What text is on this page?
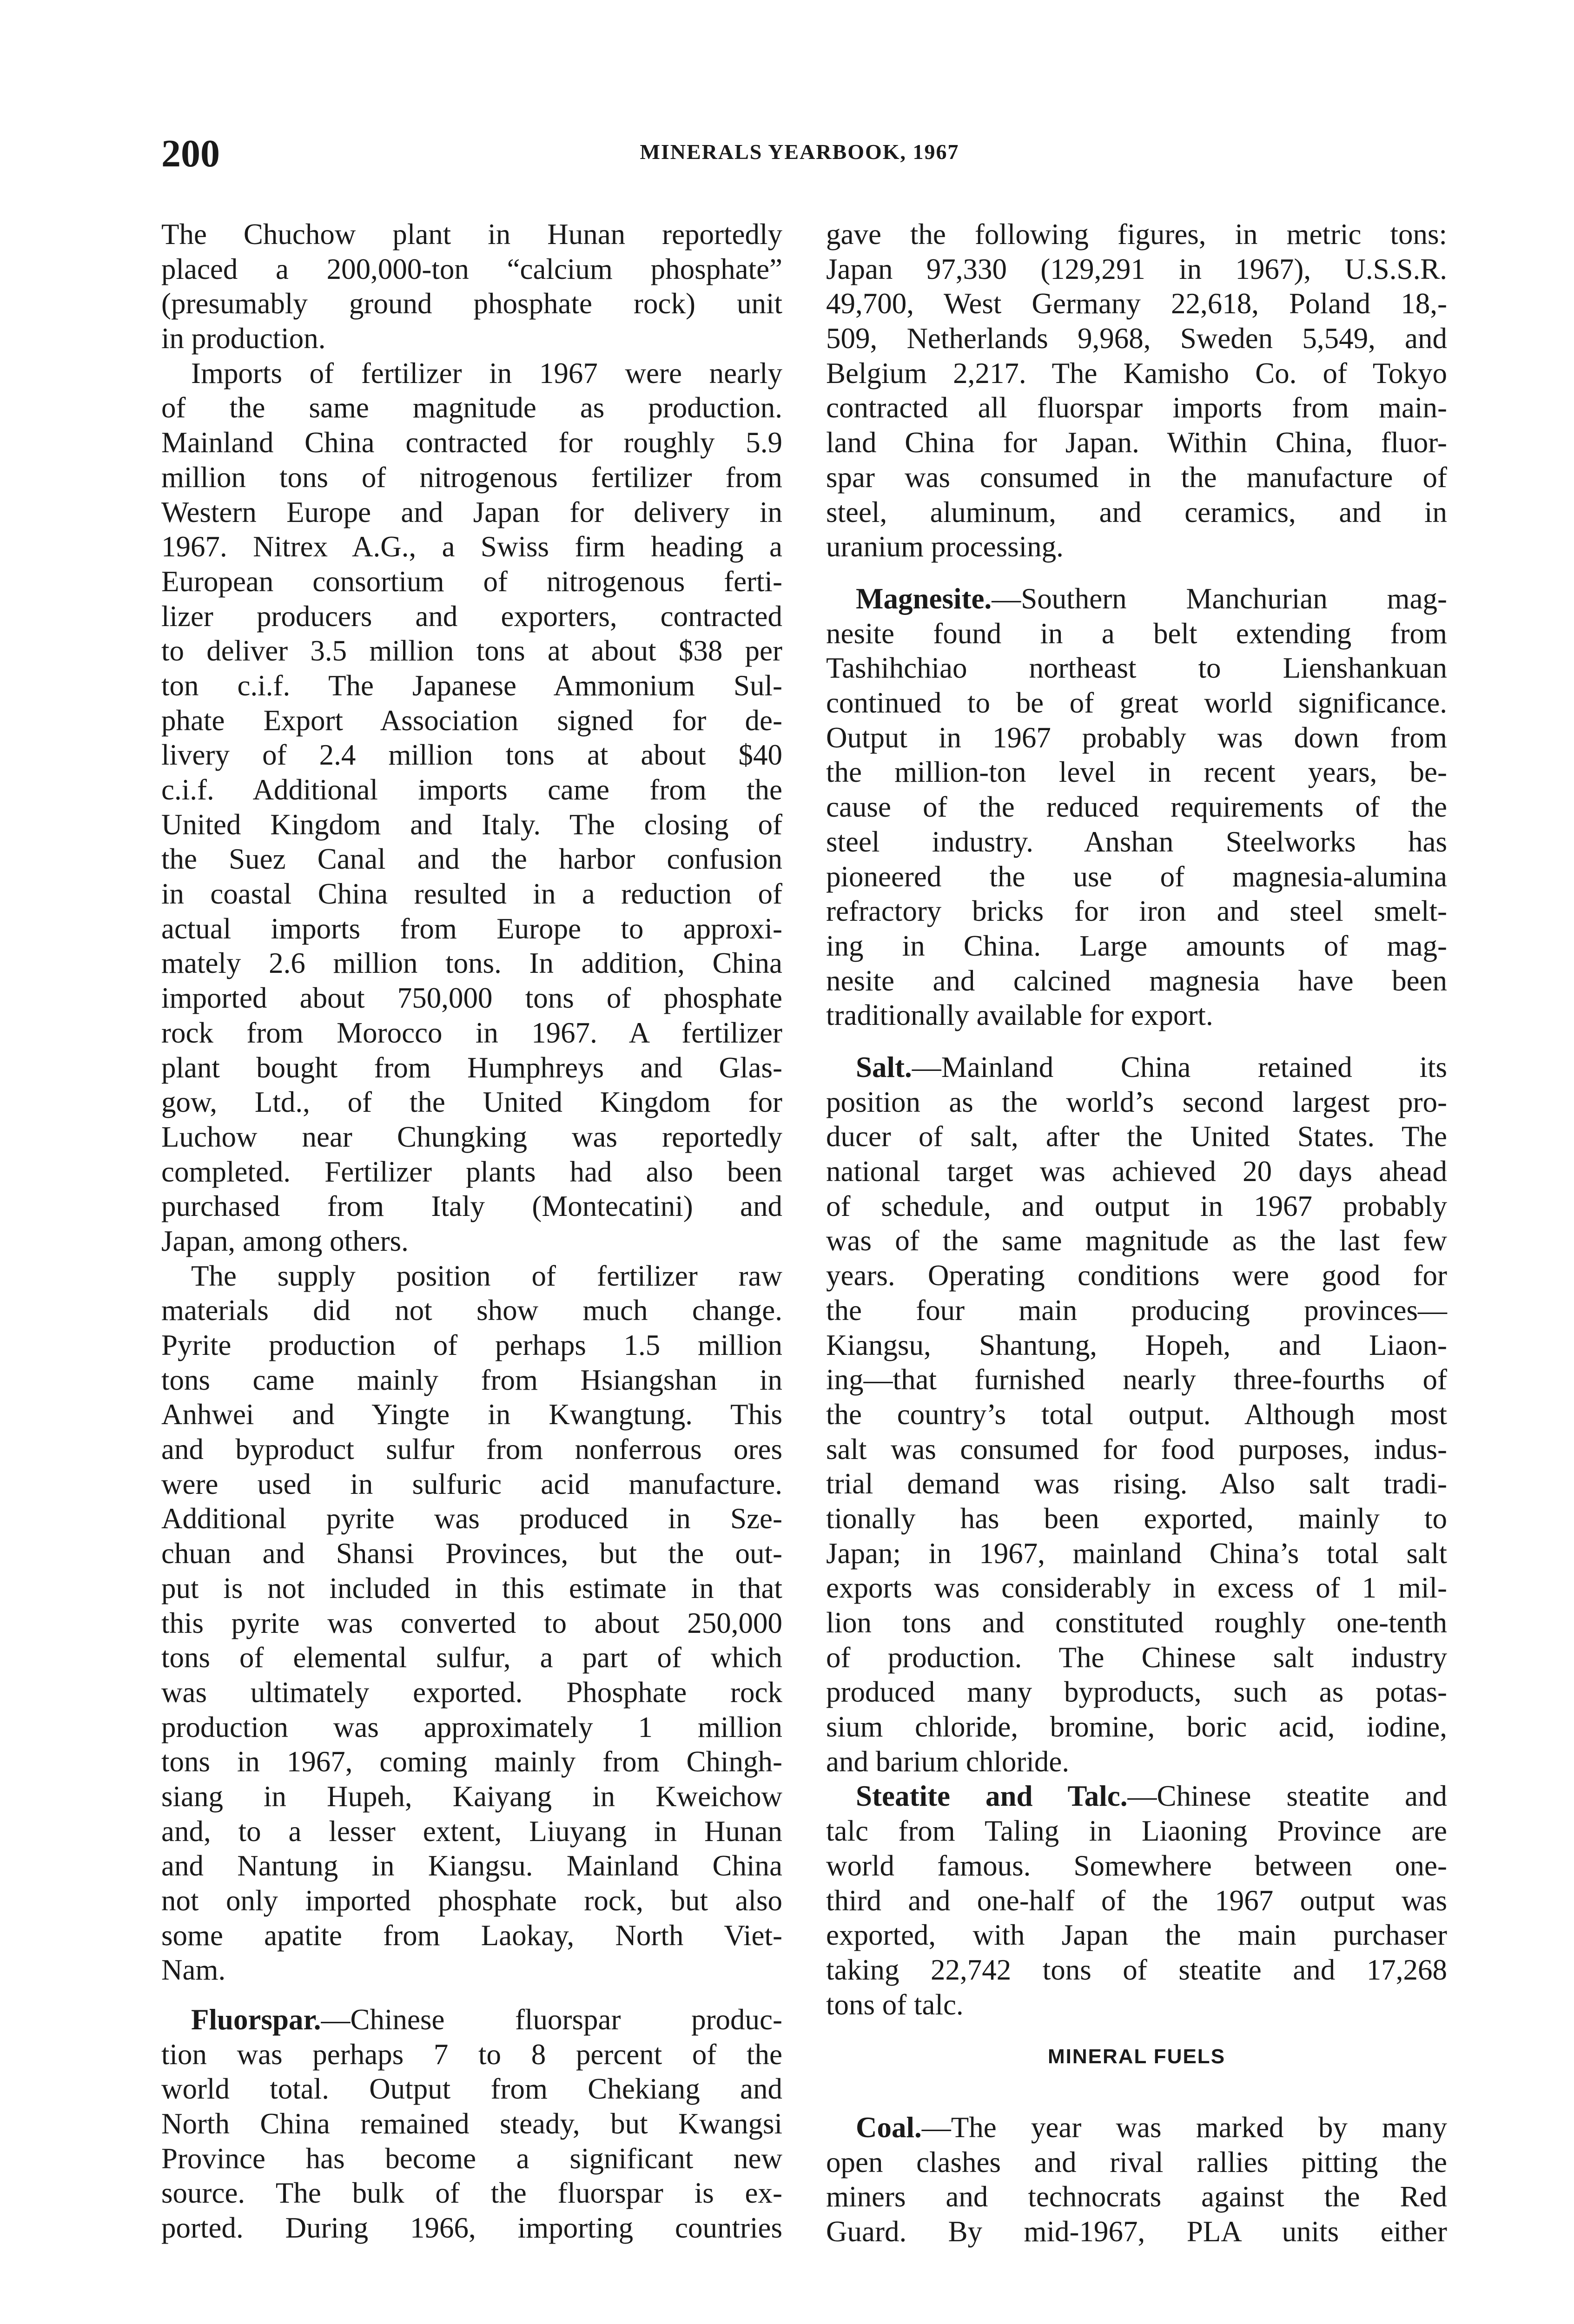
200	MINERALS YEARBOOK, 1967
The Chuchow plant in Hunan reportedly
placed a 200,000-ton “calcium phosphate”
(presumably ground phosphate rock) unit
in production.
Imports of fertilizer in 1967 were nearly
of the same magnitude as production.
Mainland China contracted for roughly 5.9
million tons of nitrogenous fertilizer from
Western Europe and Japan for delivery in
1967. Nitrex A.G., a Swiss firm heading a
European consortium of nitrogenous ferti-
lizer producers and exporters, contracted
to deliver 3.5 million tons at about $38 per
ton c.i.f. The Japanese Ammonium Sul-
phate Export Association signed for de-
livery of 2.4 million tons at about $40
c.i.f. Additional imports came from the
United Kingdom and Italy. The closing of
the Suez Canal and the harbor confusion
in coastal China resulted in a reduction of
actual imports from Europe to approxi-
mately 2.6 million tons. In addition, China
imported about 750,000 tons of phosphate
rock from Morocco in 1967. A fertilizer
plant bought from Humphreys and Glas-
gow, Ltd., of the United Kingdom for
Luchow near Chungking was reportedly
completed. Fertilizer plants had also been
purchased from Italy (Montecatini) and
Japan, among others.
The supply position of fertilizer raw
materials did not show much change.
Pyrite production of perhaps 1.5 million
tons came mainly from Hsiangshan in
Anhwei and Yingte in Kwangtung. This
and byproduct sulfur from nonferrous ores
were used in sulfuric acid manufacture.
Additional pyrite was produced in Sze-
chuan and Shansi Provinces, but the out-
put is not included in this estimate in that
this pyrite was converted to about 250,000
tons of elemental sulfur, a part of which
was ultimately exported. Phosphate rock
production was approximately 1 million
tons in 1967, coming mainly from Chingh-
siang in Hupeh, Kaiyang in Kweichow
and, to a lesser extent, Liuyang in Hunan
and Nantung in Kiangsu. Mainland China
not only imported phosphate rock, but also
some apatite from Laokay, North Viet-
Nam.
Fluorspar.—Chinese fluorspar produc-
tion was perhaps 7 to 8 percent of the
world total. Output from Chekiang and
North China remained steady, but Kwangsi
Province has become a significant new
source. The bulk of the fluorspar is ex-
ported. During 1966, importing countries
gave the following figures, in metric tons:
Japan 97,330 (129,291 in 1967), U.S.S.R.
49,700, West Germany 22,618, Poland 18,-
509, Netherlands 9,968, Sweden 5,549, and
Belgium 2,217. The Kamisho Co. of Tokyo
contracted all fluorspar imports from main-
land China for Japan. Within China, fluor-
spar was consumed in the manufacture of
steel, aluminum, and ceramics, and in
uranium processing.
Magnesite.—Southern Manchurian mag-
nesite found in a belt extending from
Tashihchiao northeast to Lienshankuan
continued to be of great world significance.
Output in 1967 probably was down from
the million-ton level in recent years, be-
cause of the reduced requirements of the
steel industry. Anshan Steelworks has
pioneered the use of magnesia-alumina
refractory bricks for iron and steel smelt-
ing in China. Large amounts of mag-
nesite and calcined magnesia have been
traditionally available for export.
Salt.—Mainland China retained its
position as the world’s second largest pro-
ducer of salt, after the United States. The
national target was achieved 20 days ahead
of schedule, and output in 1967 probably
was of the same magnitude as the last few
years. Operating conditions were good for
the four main producing provinces—
Kiangsu, Shantung, Hopeh, and Liaon-
ing—that furnished nearly three-fourths of
the country’s total output. Although most
salt was consumed for food purposes, indus-
trial demand was rising. Also salt tradi-
tionally has been exported, mainly to
Japan; in 1967, mainland China’s total salt
exports was considerably in excess of 1 mil-
lion tons and constituted roughly one-tenth
of production. The Chinese salt industry
produced many byproducts, such as potas-
sium chloride, bromine, boric acid, iodine,
and barium chloride.
Steatite and Talc.—Chinese steatite and
talc from Taling in Liaoning Province are
world famous. Somewhere between one-
third and one-half of the 1967 output was
exported, with Japan the main purchaser
taking 22,742 tons of steatite and 17,268
tons of talc.
MINERAL FUELS
Coal.—The year was marked by many
open clashes and rival rallies pitting the
miners and technocrats against the Red
Guard. By mid-1967, PLA units either
